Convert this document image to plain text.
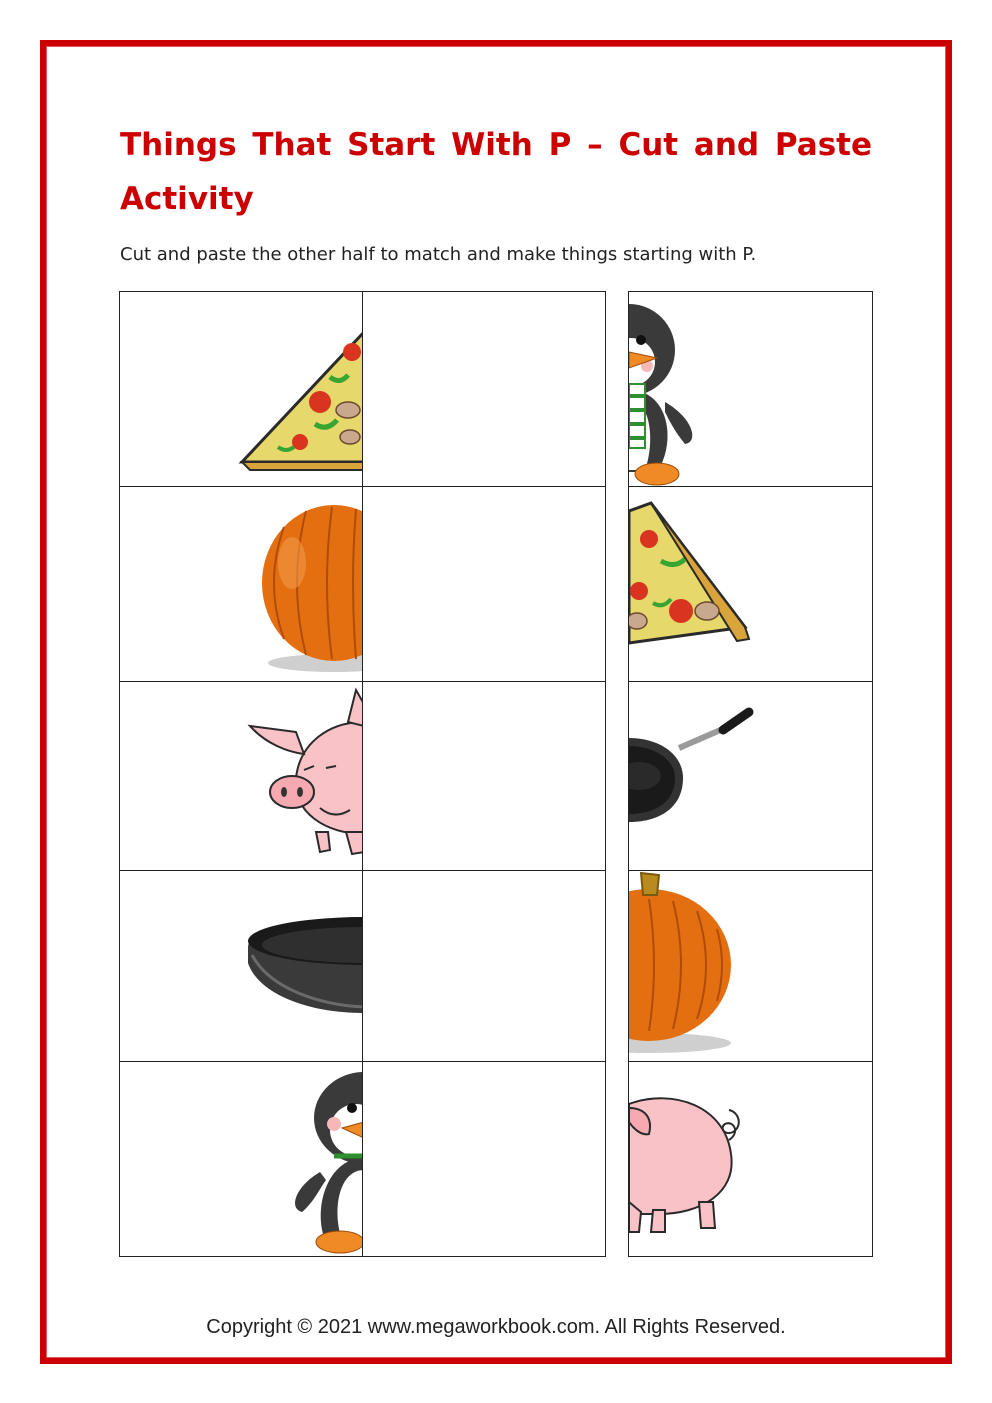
Things That Start With P – Cut and Paste Activity

Cut and paste the other half to match and make things starting with P.

Copyright © 2021 www.megaworkbook.com. All Rights Reserved.
